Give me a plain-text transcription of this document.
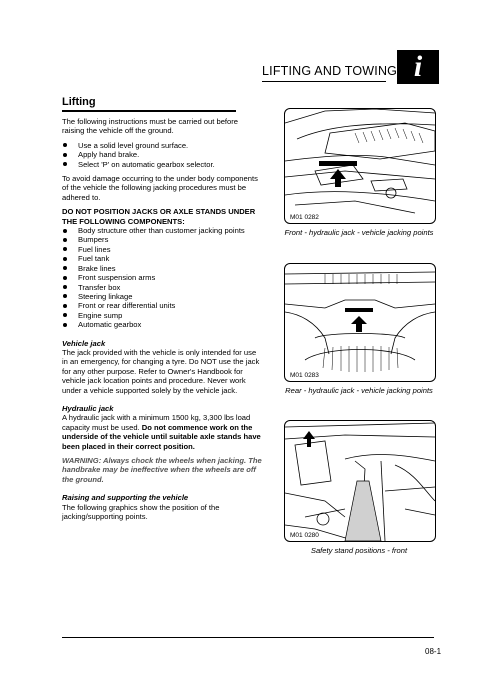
LIFTING AND TOWING i
Lifting

The following instructions must be carried out before raising the vehicle off the ground.

Use a solid level ground surface.
Apply hand brake.
Select 'P' on automatic gearbox selector.

To avoid damage occurring to the under body components of the vehicle the following jacking procedures must be adhered to.

DO NOT POSITION JACKS OR AXLE STANDS UNDER THE FOLLOWING COMPONENTS:

Body structure other than customer jacking points
Bumpers
Fuel lines
Fuel tank
Brake lines
Front suspension arms
Transfer box
Steering linkage
Front or rear differential units
Engine sump
Automatic gearbox

Vehicle jack

The jack provided with the vehicle is only intended for use in an emergency, for changing a tyre. Do NOT use the jack for any other purpose. Refer to Owner's Handbook for vehicle jack location points and procedure. Never work under a vehicle supported solely by the vehicle jack.

Hydraulic jack

A hydraulic jack with a minimum 1500 kg, 3,300 lbs load capacity must be used. Do not commence work on the underside of the vehicle until suitable axle stands have been placed in their correct position.

WARNING: Always chock the wheels when jacking. The handbrake may be ineffective when the wheels are off the ground.

Raising and supporting the vehicle

The following graphics show the position of the jacking/supporting points.

M01 0282
Front - hydraulic jack - vehicle jacking points
M01 0283
Rear - hydraulic jack - vehicle jacking points
M01 0280
Safety stand positions - front
08-1
